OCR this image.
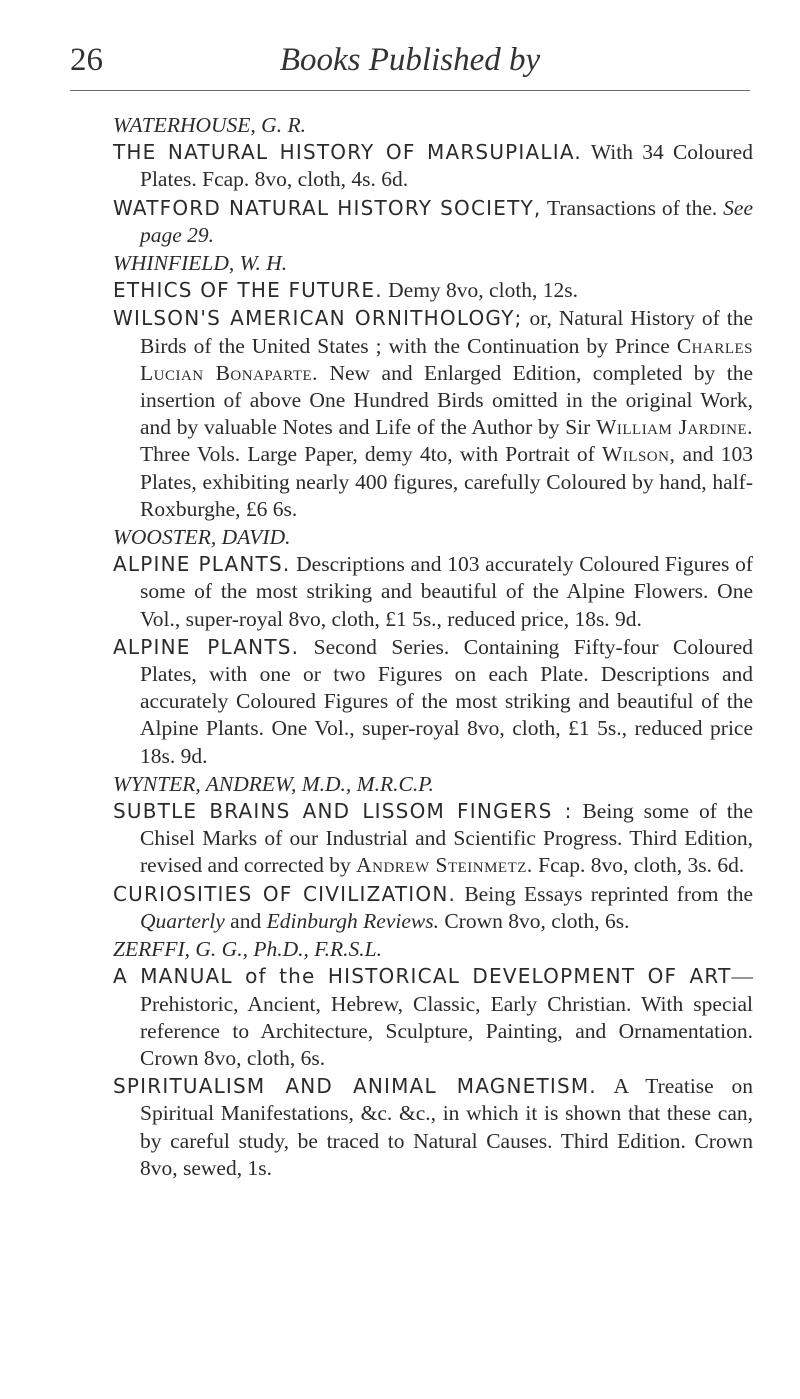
26	Books Published by

WATERHOUSE, G. R.

THE NATURAL HISTORY OF MARSUPIALIA. With 34 Coloured Plates. Fcap. 8vo, cloth, 4s. 6d.

WATFORD NATURAL HISTORY SOCIETY, Transactions of the. See page 29.

WHINFIELD, W. H.

ETHICS OF THE FUTURE. Demy 8vo, cloth, 12s.

WILSON'S AMERICAN ORNITHOLOGY; or, Natural History of the Birds of the United States ; with the Continuation by Prince Charles Lucian Bonaparte. New and Enlarged Edition, completed by the insertion of above One Hundred Birds omitted in the original Work, and by valuable Notes and Life of the Author by Sir William Jardine. Three Vols. Large Paper, demy 4to, with Portrait of Wilson, and 103 Plates, exhibiting nearly 400 figures, carefully Coloured by hand, half-Roxburghe, £6 6s.

WOOSTER, DAVID.

ALPINE PLANTS. Descriptions and 103 accurately Coloured Figures of some of the most striking and beautiful of the Alpine Flowers. One Vol., super-royal 8vo, cloth, £1 5s., reduced price, 18s. 9d.

ALPINE PLANTS. Second Series. Containing Fifty-four Coloured Plates, with one or two Figures on each Plate. Descriptions and accurately Coloured Figures of the most striking and beautiful of the Alpine Plants. One Vol., super-royal 8vo, cloth, £1 5s., reduced price 18s. 9d.

WYNTER, ANDREW, M.D., M.R.C.P.

SUBTLE BRAINS AND LISSOM FINGERS : Being some of the Chisel Marks of our Industrial and Scientific Progress. Third Edition, revised and corrected by Andrew Steinmetz. Fcap. 8vo, cloth, 3s. 6d.

CURIOSITIES OF CIVILIZATION. Being Essays reprinted from the Quarterly and Edinburgh Reviews. Crown 8vo, cloth, 6s.

ZERFFI, G. G., Ph.D., F.R.S.L.

A MANUAL of the HISTORICAL DEVELOPMENT OF ART—Prehistoric, Ancient, Hebrew, Classic, Early Christian. With special reference to Architecture, Sculpture, Painting, and Ornamentation. Crown 8vo, cloth, 6s.

SPIRITUALISM AND ANIMAL MAGNETISM. A Treatise on Spiritual Manifestations, &c. &c., in which it is shown that these can, by careful study, be traced to Natural Causes. Third Edition. Crown 8vo, sewed, 1s.
